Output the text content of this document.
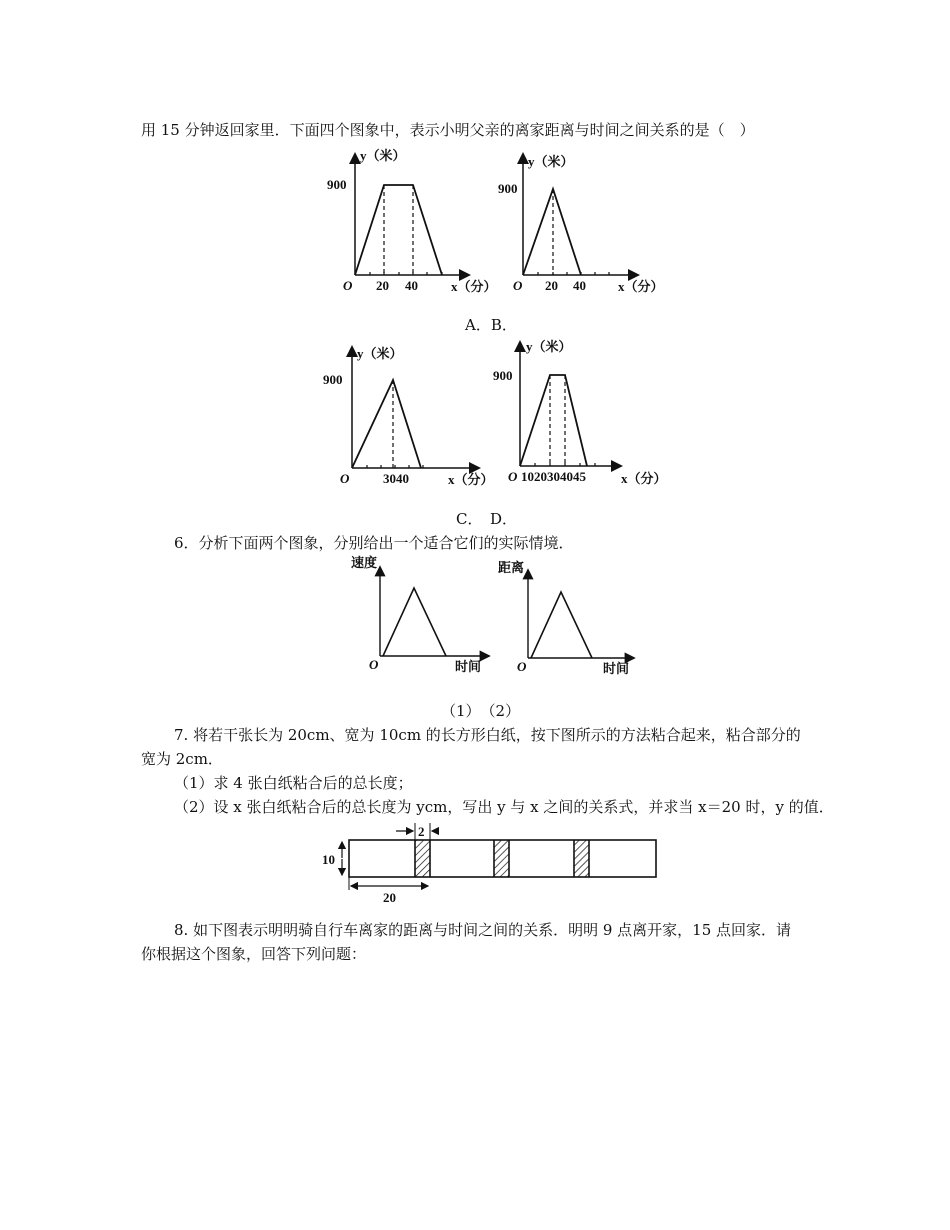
用 15 分钟返回家里．下面四个图象中，表示小明父亲的离家距离与时间之间关系的是（　）
y（米）
900
O 20 40	x（分）
y（米）
900
O 20 40 x（分）
A．B．
y（米）
900
O	3040	x（分）
y（米）
900
O 1020304045	x（分）
C．　D．
6．分析下面两个图象，分别给出一个适合它们的实际情境．
速度
O	时间
距离
O	时间
（1）　（2）
7. 将若干张长为 20cm、宽为 10cm 的长方形白纸，按下图所示的方法粘合起来，粘合部分的
宽为 2cm．
（1）求 4 张白纸粘合后的总长度；
（2）设 x 张白纸粘合后的总长度为 ycm，写出 y 与 x 之间的关系式，并求当 x＝20 时，y 的值．
2
10
20
8. 如下图表示明明骑自行车离家的距离与时间之间的关系．明明 9 点离开家，15 点回家．请
你根据这个图象，回答下列问题：
